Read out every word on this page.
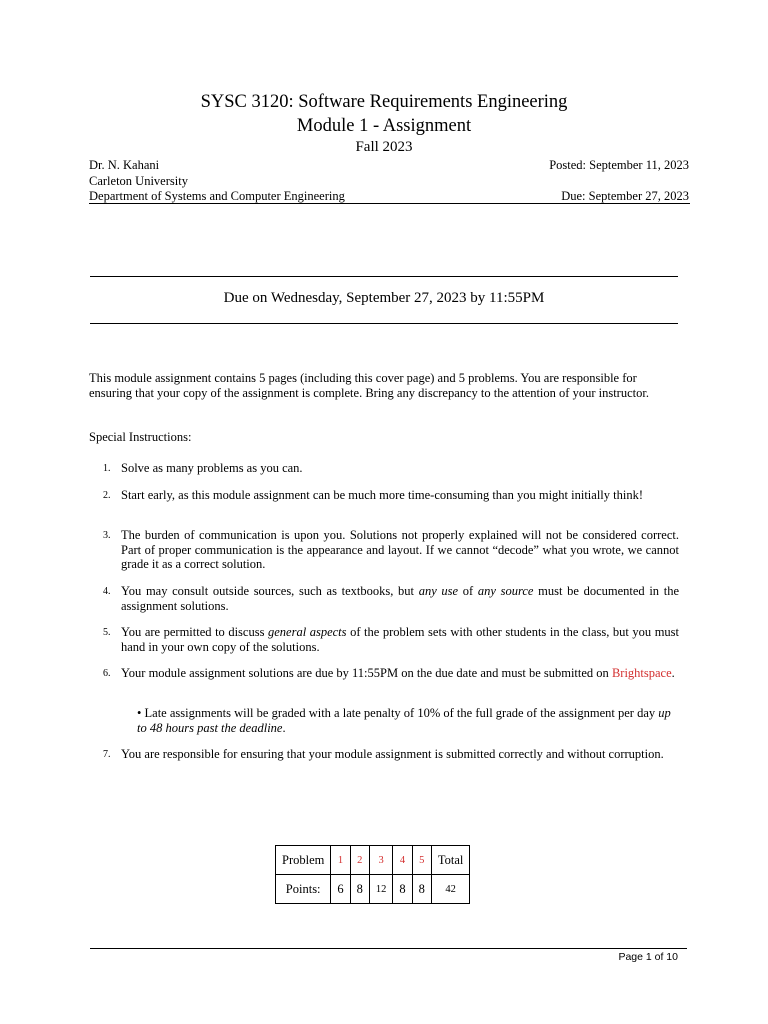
SYSC 3120: Software Requirements Engineering
Module 1 - Assignment
Fall 2023
Dr. N. Kahani
Carleton University
Department of Systems and Computer Engineering
Posted: September 11, 2023
Due: September 27, 2023
Due on Wednesday, September 27, 2023 by 11:55PM
This module assignment contains 5 pages (including this cover page) and 5 problems. You are responsible for ensuring that your copy of the assignment is complete. Bring any discrepancy to the attention of your instructor.
Special Instructions:
1. Solve as many problems as you can.
2. Start early, as this module assignment can be much more time-consuming than you might initially think!
3. The burden of communication is upon you. Solutions not properly explained will not be considered correct. Part of proper communication is the appearance and layout. If we cannot “decode” what you wrote, we cannot grade it as a correct solution.
4. You may consult outside sources, such as textbooks, but any use of any source must be documented in the assignment solutions.
5. You are permitted to discuss general aspects of the problem sets with other students in the class, but you must hand in your own copy of the solutions.
6. Your module assignment solutions are due by 11:55PM on the due date and must be submitted on Brightspace.
• Late assignments will be graded with a late penalty of 10% of the full grade of the assignment per day up to 48 hours past the deadline.
7. You are responsible for ensuring that your module assignment is submitted correctly and without corruption.
Problem	1	2	3	4	5	Total
Points:	6	8	12	8	8	42
Page 1 of 10
